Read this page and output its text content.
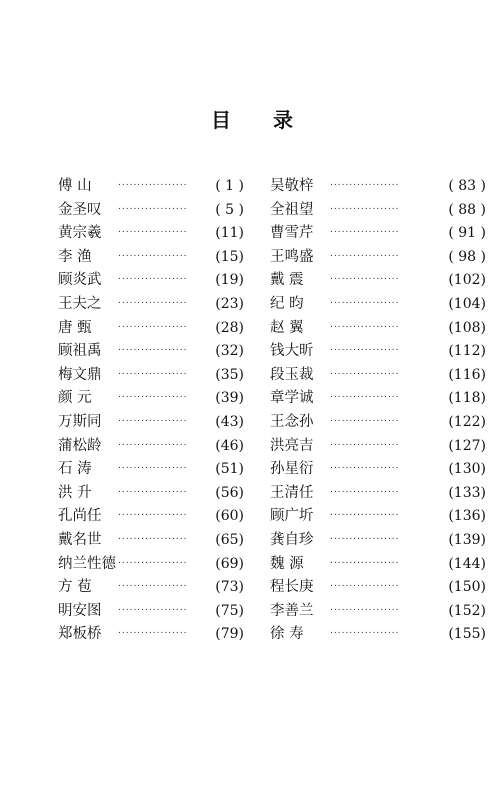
目 录
傅 山	.................. ( 1 )
金圣叹 .................. ( 5 )
黄宗羲 .................. (11)
李 渔	.................. (15)
顾炎武 .................. (19)
王夫之 .................. (23)
唐 甄	.................. (28)
顾祖禹 .................. (32)
梅文鼎 .................. (35)
颜 元	.................. (39)
万斯同 .................. (43)
蒲松龄 .................. (46)
石 涛	.................. (51)
洪 升	.................. (56)
孔尚任 .................. (60)
戴名世 .................. (65)
纳兰性德 .................. (69)
方 苞	.................. (73)
明安图 .................. (75)
郑板桥 .................. (79)
吴敬梓 ..................	( 83 )
全祖望 ..................	( 88 )
曹雪芹 ..................	( 91 )
王鸣盛 ..................	( 98 )
戴 震	..................	(102)
纪 昀	..................	(104)
赵 翼	..................	(108)
钱大昕 ..................	(112)
段玉裁 ..................	(116)
章学诚 ..................	(118)
王念孙 ..................	(122)
洪亮吉 ..................	(127)
孙星衍 ..................	(130)
王清任 ..................	(133)
顾广圻 ..................	(136)
龚自珍 ..................	(139)
魏 源	..................	(144)
程长庚 ..................	(150)
李善兰 ..................	(152)
徐 寿	..................	(155)
